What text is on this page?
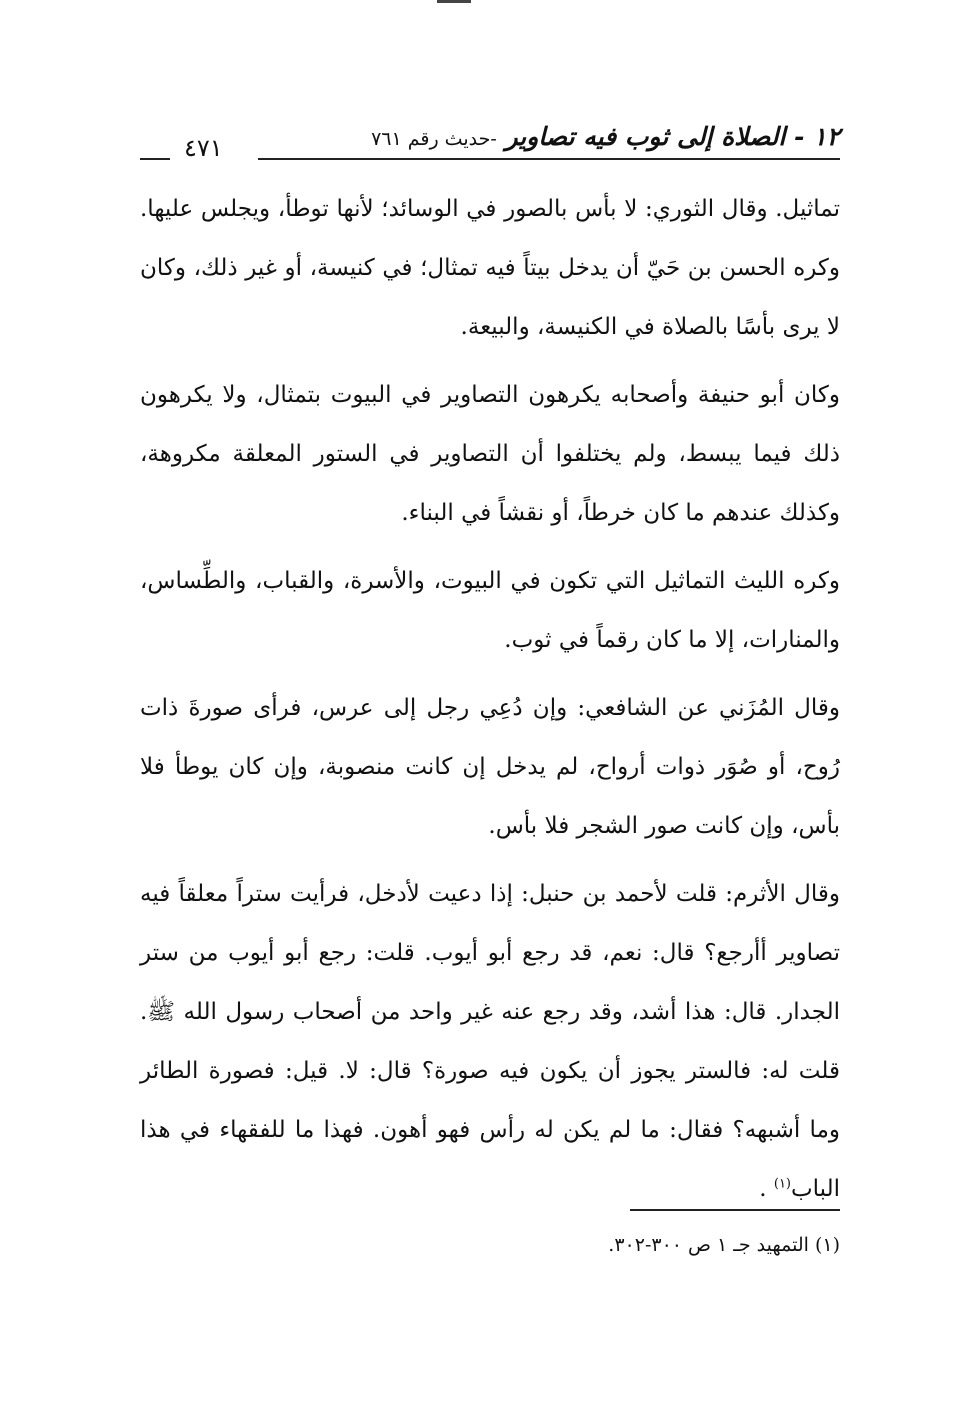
١٢ - الصلاة إلى ثوب فيه تصاوير -حديث رقم ٧٦١
٤٧١

تماثيل. وقال الثوري: لا بأس بالصور في الوسائد؛ لأنها توطأ، ويجلس عليها. وكره الحسن بن حَيّ أن يدخل بيتاً فيه تمثال؛ في كنيسة، أو غير ذلك، وكان لا يرى بأسًا بالصلاة في الكنيسة، والبيعة.

وكان أبو حنيفة وأصحابه يكرهون التصاوير في البيوت بتمثال، ولا يكرهون ذلك فيما يبسط، ولم يختلفوا أن التصاوير في الستور المعلقة مكروهة، وكذلك عندهم ما كان خرطاً، أو نقشاً في البناء.

وكره الليث التماثيل التي تكون في البيوت، والأسرة، والقباب، والطِّساس، والمنارات، إلا ما كان رقماً في ثوب.

وقال المُزَني عن الشافعي: وإن دُعِي رجل إلى عرس، فرأى صورةَ ذات رُوح، أو صُوَر ذوات أرواح، لم يدخل إن كانت منصوبة، وإن كان يوطأ فلا بأس، وإن كانت صور الشجر فلا بأس.

وقال الأثرم: قلت لأحمد بن حنبل: إذا دعيت لأدخل، فرأيت ستراً معلقاً فيه تصاوير أأرجع؟ قال: نعم، قد رجع أبو أيوب. قلت: رجع أبو أيوب من ستر الجدار. قال: هذا أشد، وقد رجع عنه غير واحد من أصحاب رسول الله ﷺ. قلت له: فالستر يجوز أن يكون فيه صورة؟ قال: لا. قيل: فصورة الطائر وما أشبهه؟ فقال: ما لم يكن له رأس فهو أهون. فهذا ما للفقهاء في هذا الباب$^{(١)}$ .

(١) التمهيد جـ ١ ص ٣٠٠-٣٠٢.
